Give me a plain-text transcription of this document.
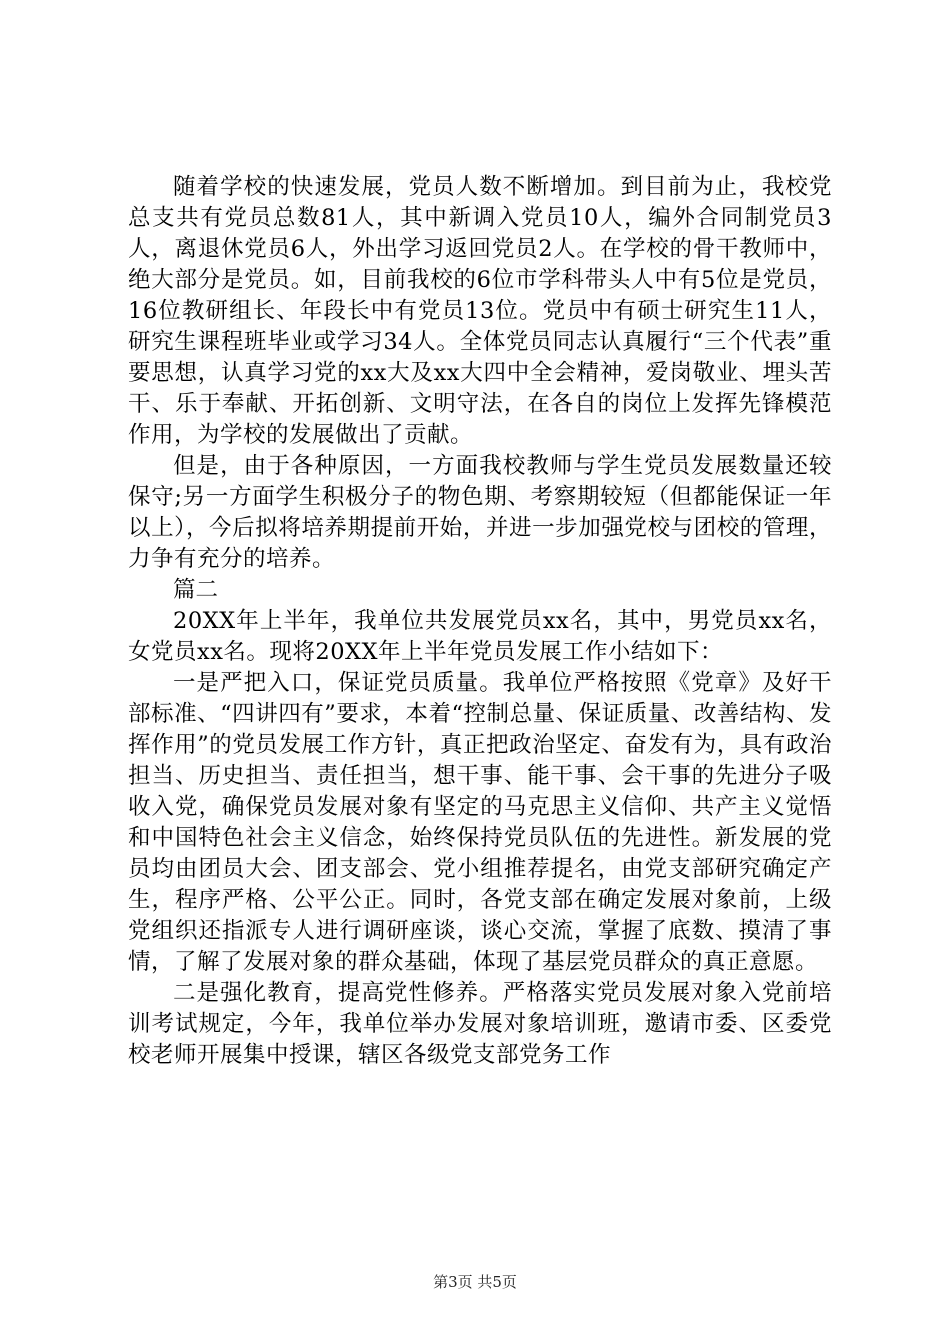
随着学校的快速发展，党员人数不断增加。到目前为止，我校党总支共有党员总数81人，其中新调入党员10人，编外合同制党员3人，离退休党员6人，外出学习返回党员2人。在学校的骨干教师中，绝大部分是党员。如，目前我校的6位市学科带头人中有5位是党员，16位教研组长、年段长中有党员13位。党员中有硕士研究生11人，研究生课程班毕业或学习34人。全体党员同志认真履行“三个代表”重要思想，认真学习党的xx大及xx大四中全会精神，爱岗敬业、埋头苦干、乐于奉献、开拓创新、文明守法，在各自的岗位上发挥先锋模范作用，为学校的发展做出了贡献。

但是，由于各种原因，一方面我校教师与学生党员发展数量还较保守;另一方面学生积极分子的物色期、考察期较短（但都能保证一年以上），今后拟将培养期提前开始，并进一步加强党校与团校的管理，力争有充分的培养。

篇二

20XX年上半年，我单位共发展党员xx名，其中，男党员xx名，女党员xx名。现将20XX年上半年党员发展工作小结如下：

一是严把入口，保证党员质量。我单位严格按照《党章》及好干部标准、“四讲四有”要求，本着“控制总量、保证质量、改善结构、发挥作用”的党员发展工作方针，真正把政治坚定、奋发有为，具有政治担当、历史担当、责任担当，想干事、能干事、会干事的先进分子吸收入党，确保党员发展对象有坚定的马克思主义信仰、共产主义觉悟和中国特色社会主义信念，始终保持党员队伍的先进性。新发展的党员均由团员大会、团支部会、党小组推荐提名，由党支部研究确定产生，程序严格、公平公正。同时，各党支部在确定发展对象前，上级党组织还指派专人进行调研座谈，谈心交流，掌握了底数、摸清了事情，了解了发展对象的群众基础，体现了基层党员群众的真正意愿。

二是强化教育，提高党性修养。严格落实党员发展对象入党前培训考试规定，今年，我单位举办发展对象培训班，邀请市委、区委党校老师开展集中授课，辖区各级党支部党务工作

第3页 共5页
